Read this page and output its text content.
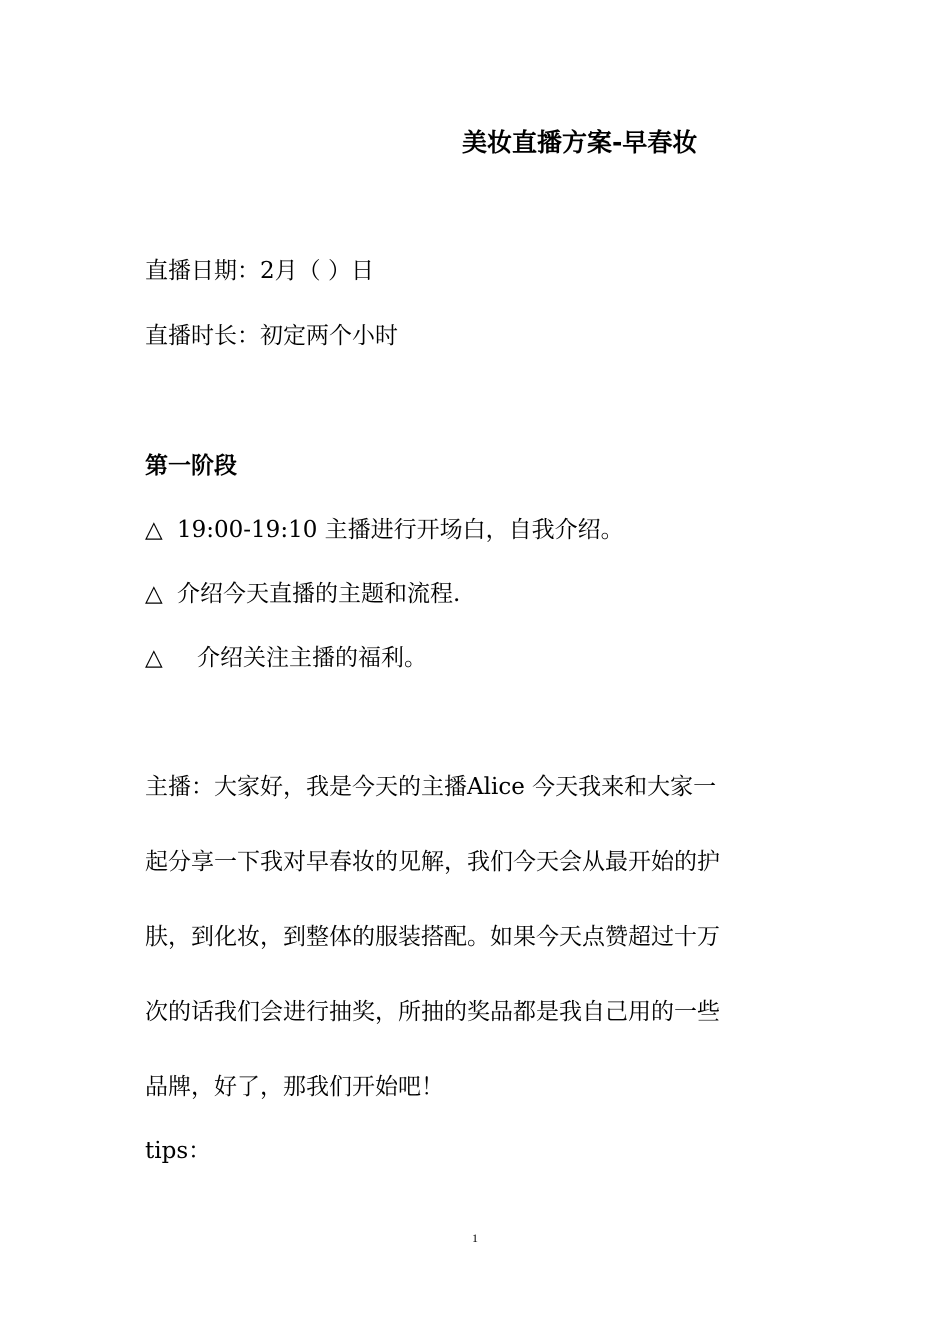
美妆直播方案-早春妆
直播日期：2月（ ）日
直播时长：初定两个小时
第一阶段
△ 19:00-19:10 主播进行开场白，自我介绍。
△ 介绍今天直播的主题和流程.
△ 介绍关注主播的福利。
主播：大家好，我是今天的主播Alice 今天我来和大家一
起分享一下我对早春妆的见解，我们今天会从最开始的护
肤，到化妆，到整体的服装搭配。如果今天点赞超过十万
次的话我们会进行抽奖，所抽的奖品都是我自己用的一些
品牌，好了，那我们开始吧！
tips：
1
